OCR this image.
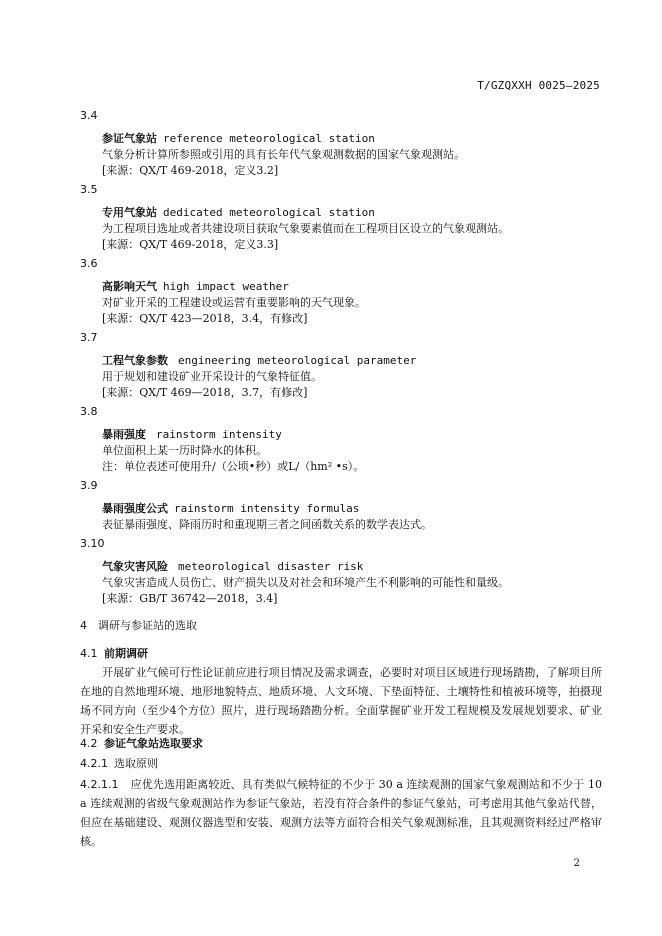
T/GZQXXH 0025—2025
3.4
参证气象站 reference meteorological station
气象分析计算所参照或引用的具有长年代气象观测数据的国家气象观测站。
[来源：QX/T 469-2018，定义3.2]
3.5
专用气象站 dedicated meteorological station
为工程项目选址或者共建设项目获取气象要素值而在工程项目区设立的气象观测站。
[来源：QX/T 469-2018，定义3.3]
3.6
高影响天气 high impact weather
对矿业开采的工程建设或运营有重要影响的天气现象。
[来源：QX/T 423—2018，3.4，有修改]
3.7
工程气象参数 engineering meteorological parameter
用于规划和建设矿业开采设计的气象特征值。
[来源：QX/T 469—2018，3.7，有修改]
3.8
暴雨强度 rainstorm intensity
单位面积上某一历时降水的体积。
注：单位表述可使用升/（公顷•秒）或L/（hm² •s）。
3.9
暴雨强度公式 rainstorm intensity formulas
表征暴雨强度、降雨历时和重现期三者之间函数关系的数学表达式。
3.10
气象灾害风险 meteorological disaster risk
气象灾害造成人员伤亡、财产损失以及对社会和环境产生不利影响的可能性和量级。
[来源：GB/T 36742—2018，3.4]
4 调研与参证站的选取
4.1 前期调研
开展矿业气候可行性论证前应进行项目情况及需求调查，必要时对项目区域进行现场踏勘，了解项目所在地的自然地理环境、地形地貌特点、地质环境、人文环境、下垫面特征、土壤特性和植被环境等，拍摄现场不同方向（至少4个方位）照片，进行现场踏勘分析。全面掌握矿业开发工程规模及发展规划要求、矿业开采和安全生产要求。
4.2 参证气象站选取要求
4.2.1 选取原则
4.2.1.1 应优先选用距离较近、具有类似气候特征的不少于 30 a 连续观测的国家气象观测站和不少于 10 a 连续观测的省级气象观测站作为参证气象站，若没有符合条件的参证气象站，可考虑用其他气象站代替，但应在基础建设、观测仪器选型和安装、观测方法等方面符合相关气象观测标准，且其观测资料经过严格审核。
2
